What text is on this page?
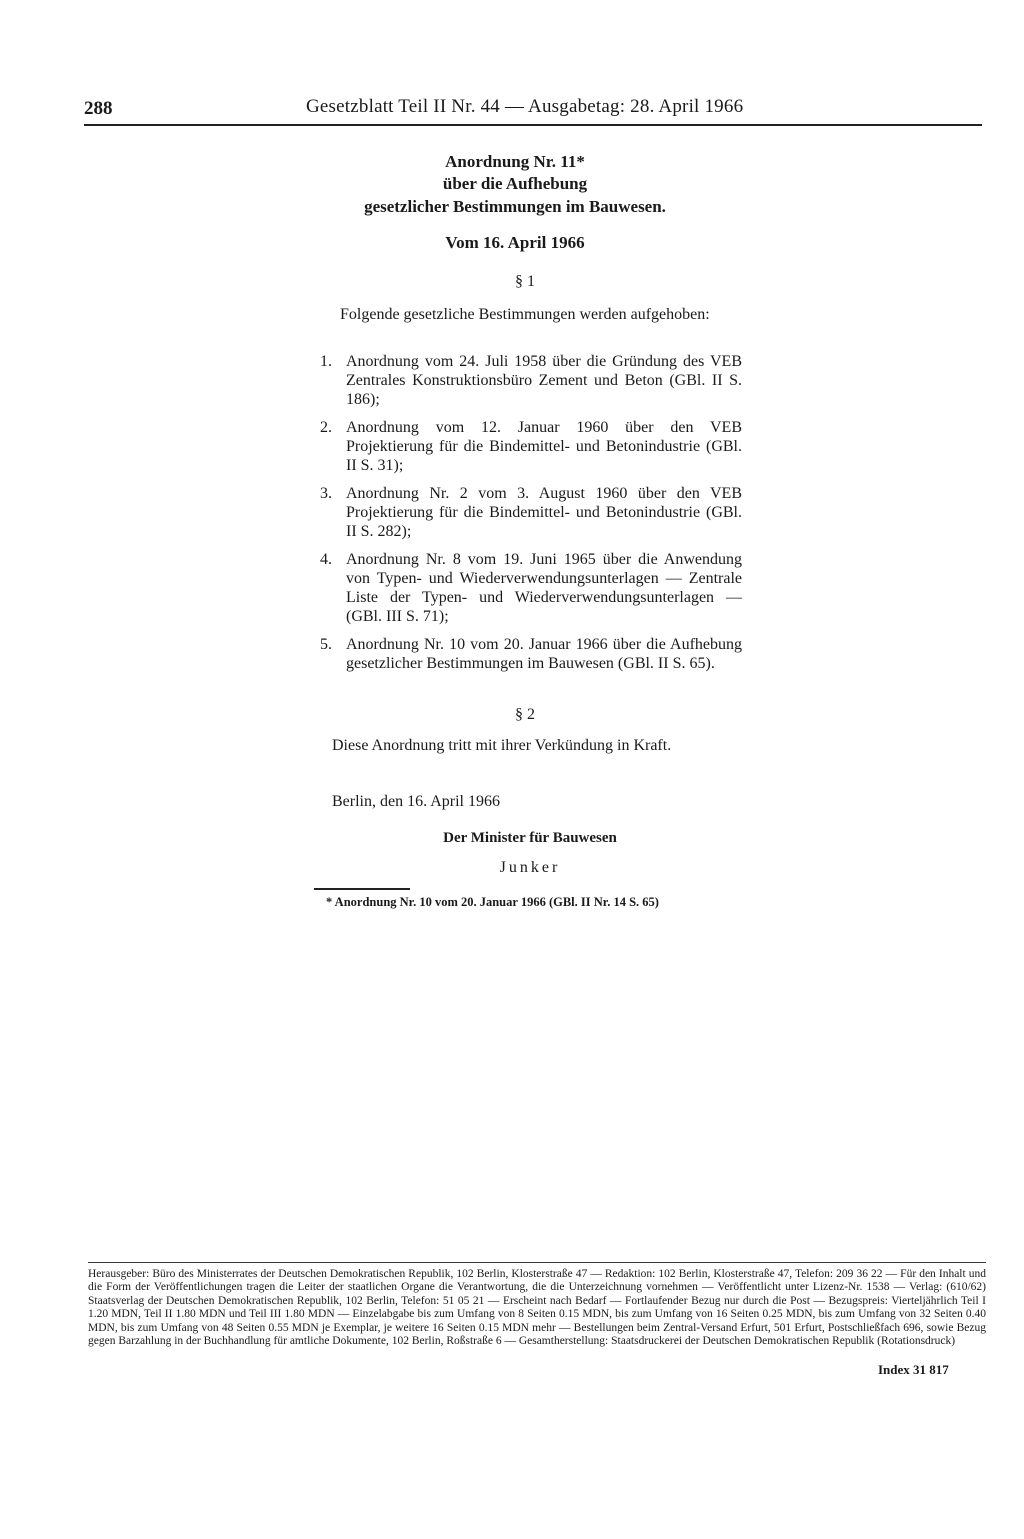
288	Gesetzblatt Teil II Nr. 44 — Ausgabetag: 28. April 1966
Anordnung Nr. 11*
über die Aufhebung
gesetzlicher Bestimmungen im Bauwesen.
Vom 16. April 1966
§ 1
Folgende gesetzliche Bestimmungen werden aufgehoben:
1. Anordnung vom 24. Juli 1958 über die Gründung des VEB Zentrales Konstruktionsbüro Zement und Beton (GBl. II S. 186);
2. Anordnung vom 12. Januar 1960 über den VEB Projektierung für die Bindemittel- und Betonindustrie (GBl. II S. 31);
3. Anordnung Nr. 2 vom 3. August 1960 über den VEB Projektierung für die Bindemittel- und Betonindustrie (GBl. II S. 282);
4. Anordnung Nr. 8 vom 19. Juni 1965 über die Anwendung von Typen- und Wiederverwendungsunterlagen — Zentrale Liste der Typen- und Wiederverwendungsunterlagen — (GBl. III S. 71);
5. Anordnung Nr. 10 vom 20. Januar 1966 über die Aufhebung gesetzlicher Bestimmungen im Bauwesen (GBl. II S. 65).
§ 2
Diese Anordnung tritt mit ihrer Verkündung in Kraft.
Berlin, den 16. April 1966
Der Minister für Bauwesen
Junker
* Anordnung Nr. 10 vom 20. Januar 1966 (GBl. II Nr. 14 S. 65)
Herausgeber: Büro des Ministerrates der Deutschen Demokratischen Republik, 102 Berlin, Klosterstraße 47 — Redaktion: 102 Berlin, Klosterstraße 47, Telefon: 209 36 22 — Für den Inhalt und die Form der Veröffentlichungen tragen die Leiter der staatlichen Organe die Verantwortung, die die Unterzeichnung vornehmen — Veröffentlicht unter Lizenz-Nr. 1538 — Verlag: (610/62) Staatsverlag der Deutschen Demokratischen Republik, 102 Berlin, Telefon: 51 05 21 — Erscheint nach Bedarf — Fortlaufender Bezug nur durch die Post — Bezugspreis: Vierteljährlich Teil I 1.20 MDN, Teil II 1.80 MDN und Teil III 1.80 MDN — Einzelabgabe bis zum Umfang von 8 Seiten 0.15 MDN, bis zum Umfang von 16 Seiten 0.25 MDN, bis zum Umfang von 32 Seiten 0.40 MDN, bis zum Umfang von 48 Seiten 0.55 MDN je Exemplar, je weitere 16 Seiten 0.15 MDN mehr — Bestellungen beim Zentral-Versand Erfurt, 501 Erfurt, Postschließfach 696, sowie Bezug gegen Barzahlung in der Buchhandlung für amtliche Dokumente, 102 Berlin, Roßstraße 6 — Gesamtherstellung: Staatsdruckerei der Deutschen Demokratischen Republik (Rotationsdruck)
Index 31 817
